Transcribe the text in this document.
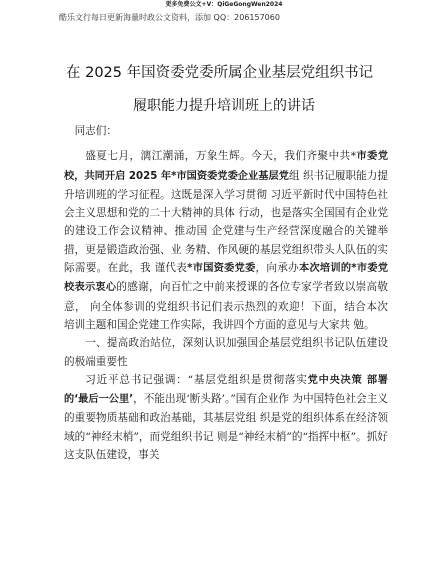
更多免费公文+V：QiGeGongWen2024
酷乐文行每日更新海量时政公文资料，添加 QQ：206157060
在 2025 年国资委党委所属企业基层党组织书记
履职能力提升培训班上的讲话

同志们：

盛夏七月，漓江潮涌，万象生辉。今天，我们齐聚中共*市委党校，共同开启 2025 年*市国资委党委企业基层党组 织书记履职能力提升培训班的学习征程。这既是深入学习贯彻 习近平新时代中国特色社会主义思想和党的二十大精神的具体 行动，也是落实全国国有企业党的建设工作会议精神、推动国 企党建与生产经营深度融合的关键举措，更是锻造政治强、业 务精、作风硬的基层党组织带头人队伍的实际需要。在此，我 谨代表*市国资委党委，向承办本次培训的*市委党校表示衷心的感谢，向百忙之中前来授课的各位专家学者致以崇高敬意， 向全体参训的党组织书记们表示热烈的欢迎！下面，结合本次 培训主题和国企党建工作实际，我讲四个方面的意见与大家共 勉。

一、提高政治站位，深刻认识加强国企基层党组织书记队伍建设的极端重要性

习近平总书记强调：“基层党组织是贯彻落实党中央决策 部署的‘最后一公里’，不能出现‘断头路’。”国有企业作 为中国特色社会主义的重要物质基础和政治基础，其基层党组 织是党的组织体系在经济领域的“神经末梢”，而党组织书记 则是“神经末梢”的“指挥中枢”。抓好这支队伍建设，事关
